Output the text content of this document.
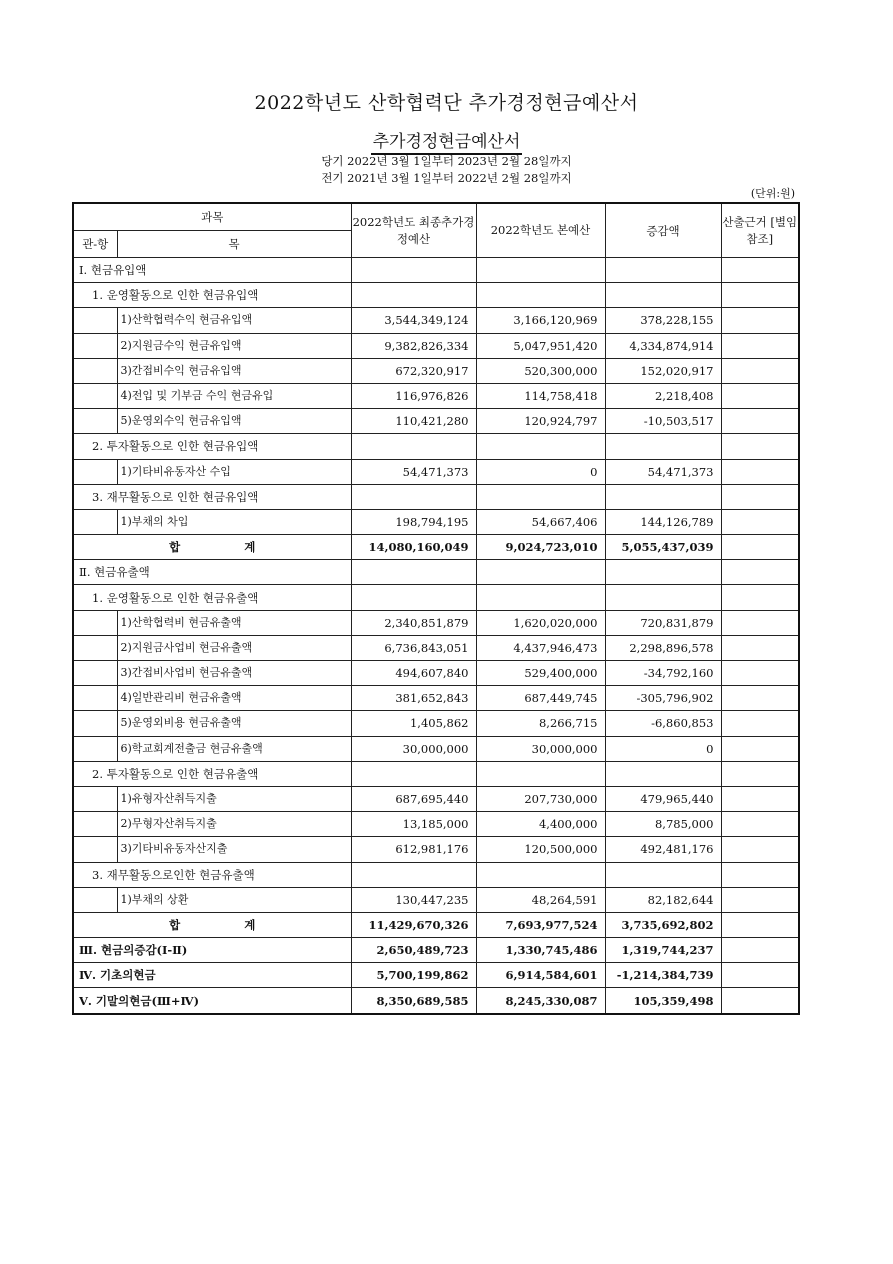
2022학년도 산학협력단 추가경정현금예산서
추가경정현금예산서
당기 2022년 3월 1일부터 2023년 2월 28일까지
전기 2021년 3월 1일부터 2022년 2월 28일까지
(단위:원)
과목		2022학년도 최종추가경정예산	2022학년도 본예산	증감액	산출근거 [별임참조]
관-항	목				
Ⅰ. 현금유입액					
1. 운영활동으로 인한 현금유입액					
	1)산학협력수익 현금유입액	3,544,349,124	3,166,120,969	378,228,155	
	2)지원금수익 현금유입액	9,382,826,334	5,047,951,420	4,334,874,914	
	3)간접비수익 현금유입액	672,320,917	520,300,000	152,020,917	
	4)전입 및 기부금 수익 현금유입	116,976,826	114,758,418	2,218,408	
	5)운영외수익 현금유입액	110,421,280	120,924,797	-10,503,517	
2. 투자활동으로 인한 현금유입액					
	1)기타비유동자산 수입	54,471,373	0	54,471,373	
3. 재무활동으로 인한 현금유입액					
	1)부채의 차입	198,794,195	54,667,406	144,126,789	
합 계		14,080,160,049	9,024,723,010	5,055,437,039	
Ⅱ. 현금유출액					
1. 운영활동으로 인한 현금유출액					
	1)산학협력비 현금유출액	2,340,851,879	1,620,020,000	720,831,879	
	2)지원금사업비 현금유출액	6,736,843,051	4,437,946,473	2,298,896,578	
	3)간접비사업비 현금유출액	494,607,840	529,400,000	-34,792,160	
	4)일반관리비 현금유출액	381,652,843	687,449,745	-305,796,902	
	5)운영외비용 현금유출액	1,405,862	8,266,715	-6,860,853	
	6)학교회계전출금 현금유출액	30,000,000	30,000,000	0	
2. 투자활동으로 인한 현금유출액					
	1)유형자산취득지출	687,695,440	207,730,000	479,965,440	
	2)무형자산취득지출	13,185,000	4,400,000	8,785,000	
	3)기타비유동자산지출	612,981,176	120,500,000	492,481,176	
3. 재무활동으로인한 현금유출액					
	1)부채의 상환	130,447,235	48,264,591	82,182,644	
합 계		11,429,670,326	7,693,977,524	3,735,692,802	
Ⅲ. 현금의증감(Ⅰ-Ⅱ)		2,650,489,723	1,330,745,486	1,319,744,237	
Ⅳ. 기초의현금		5,700,199,862	6,914,584,601	-1,214,384,739	
Ⅴ. 기말의현금(Ⅲ+Ⅳ)		8,350,689,585	8,245,330,087	105,359,498	
